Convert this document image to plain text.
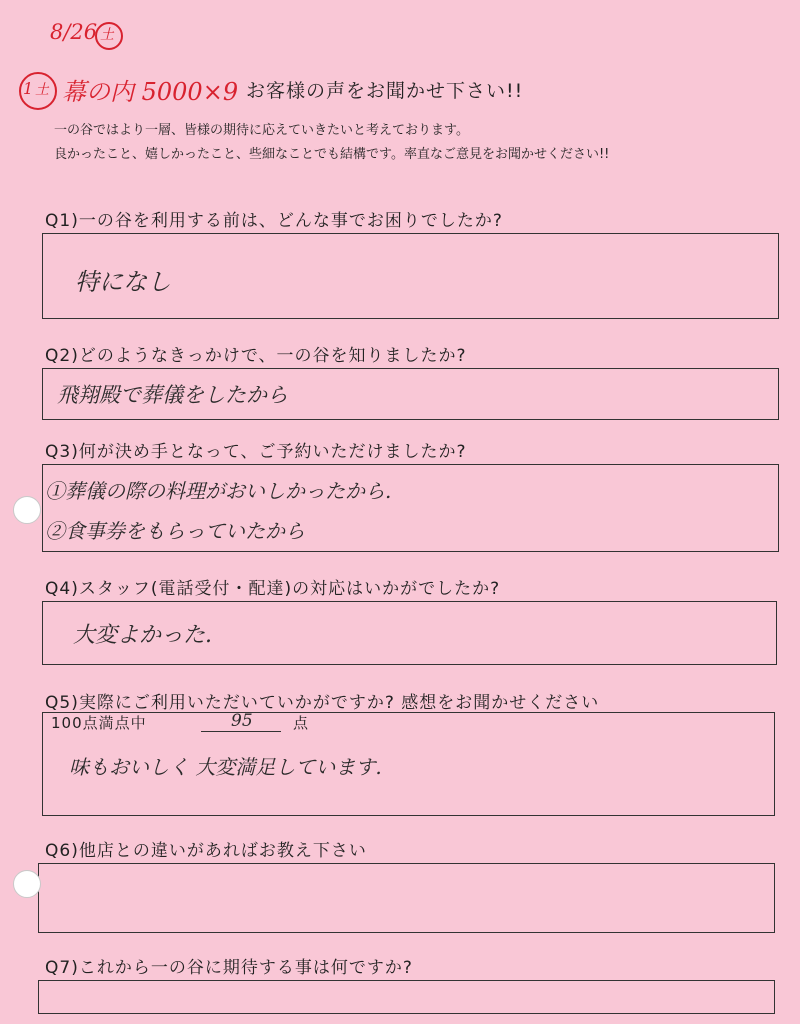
8/26 土
1 土 幕の内 5000×9 お客様の声をお聞かせ下さい!!
一の谷ではより一層、皆様の期待に応えていきたいと考えております。
良かったこと、嬉しかったこと、些細なことでも結構です。率直なご意見をお聞かせください!!
Q1)一の谷を利用する前は、どんな事でお困りでしたか?
特になし
Q2)どのようなきっかけで、一の谷を知りましたか?
飛翔殿で葬儀をしたから
Q3)何が決め手となって、ご予約いただけましたか?
①葬儀の際の料理がおいしかったから.
②食事券をもらっていたから
Q4)スタッフ(電話受付・配達)の対応はいかがでしたか?
大変よかった.
Q5)実際にご利用いただいていかがですか? 感想をお聞かせください
100点満点中	95	点
味もおいしく 大変満足しています.
Q6)他店との違いがあればお教え下さい
Q7)これから一の谷に期待する事は何ですか?
